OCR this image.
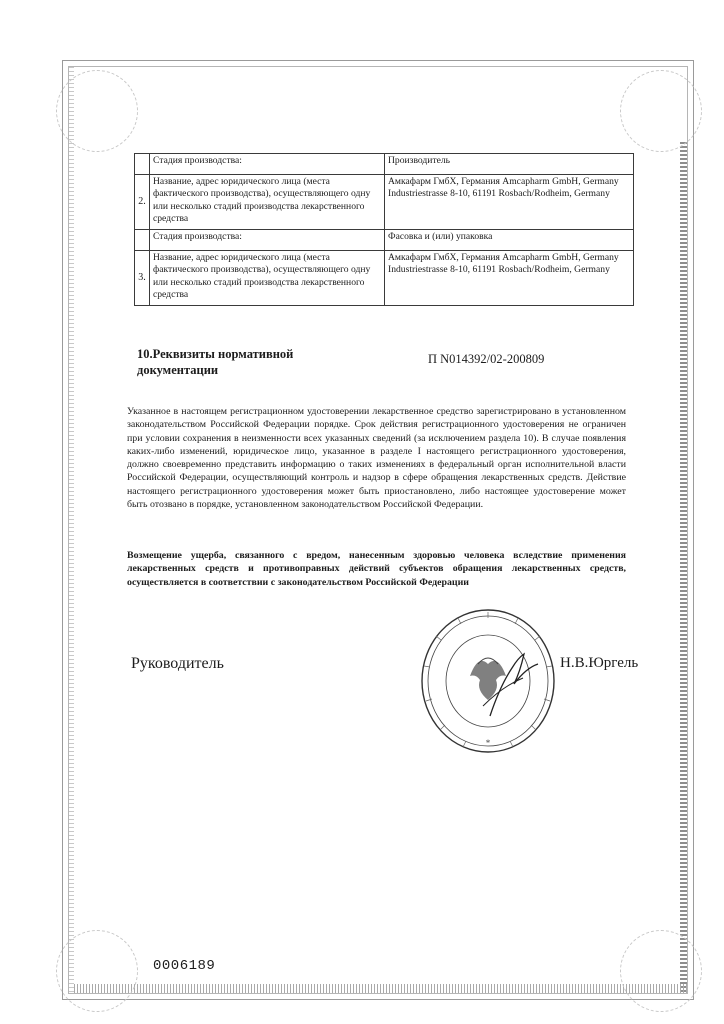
	Стадия производства:	Производитель
2.	Название, адрес юридического лица (места фактического производства), осуществляющего одну или несколько стадий производства лекарственного средства	Амкафарм ГмбХ, Германия Amcapharm GmbH, Germany Industriestrasse 8-10, 61191 Rosbach/Rodheim, Germany
	Стадия производства:	Фасовка и (или) упаковка
3.	Название, адрес юридического лица (места фактического производства), осуществляющего одну или несколько стадий производства лекарственного средства	Амкафарм ГмбХ, Германия Amcapharm GmbH, Germany Industriestrasse 8-10, 61191 Rosbach/Rodheim, Germany
10.Реквизиты нормативной документации
П N014392/02-200809
Указанное в настоящем регистрационном удостоверении лекарственное средство зарегистрировано в установленном законодательством Российской Федерации порядке. Срок действия регистрационного удостоверения не ограничен при условии сохранения в неизменности всех указанных сведений (за исключением раздела 10). В случае появления каких-либо изменений, юридическое лицо, указанное в разделе I настоящего регистрационного удостоверения, должно своевременно представить информацию о таких изменениях в федеральный орган исполнительной власти Российской Федерации, осуществляющий контроль и надзор в сфере обращения лекарственных средств. Действие настоящего регистрационного удостоверения может быть приостановлено, либо настоящее удостоверение может быть отозвано в порядке, установленном законодательством Российской Федерации.
Возмещение ущерба, связанного с вредом, нанесенным здоровью человека вследствие применения лекарственных средств и противоправных действий субъектов обращения лекарственных средств, осуществляется в соответствии с законодательством Российской Федерации
Руководитель
*
Н.В.Юргель
0006189
